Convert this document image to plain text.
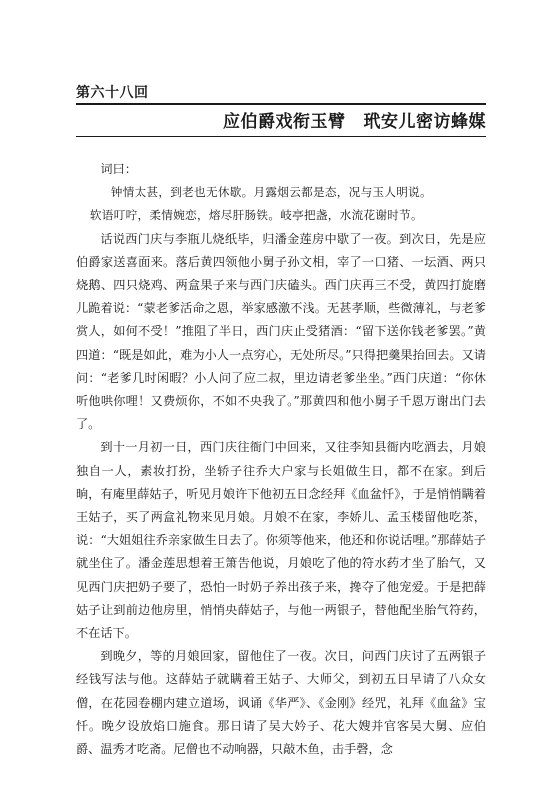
第六十八回
应伯爵戏衔玉臂 玳安儿密访蜂媒

词曰：

钟情太甚，到老也无休歇。月露烟云都是态，况与玉人明说。
软语叮咛，柔情婉恋，熔尽肝肠铁。岐亭把盏，水流花谢时节。

话说西门庆与李瓶儿烧纸毕，归潘金莲房中歇了一夜。到次日，先是应伯爵家送喜面来。落后黄四领他小舅子孙文相，宰了一口猪、一坛酒、两只烧鹅、四只烧鸡、两盒果子来与西门庆磕头。西门庆再三不受，黄四打旋磨儿跪着说：“蒙老爹活命之恩，举家感激不浅。无甚孝顺，些微薄礼，与老爹赏人，如何不受！”推阻了半日，西门庆止受猪酒：“留下送你钱老爹罢。”黄四道：“既是如此，难为小人一点穷心，无处所尽。”只得把羹果抬回去。又请问：“老爹几时闲暇？小人问了应二叔，里边请老爹坐坐。”西门庆道：“你休听他哄你哩！又费烦你，不如不央我了。”那黄四和他小舅子千恩万谢出门去了。

到十一月初一日，西门庆往衙门中回来，又往李知县衙内吃酒去，月娘独自一人，素妆打扮，坐轿子往乔大户家与长姐做生日，都不在家。到后晌，有庵里薛姑子，听见月娘许下他初五日念经拜《血盆忏》，于是悄悄瞒着王姑子，买了两盒礼物来见月娘。月娘不在家，李娇儿、孟玉楼留他吃茶，说：“大姐姐往乔亲家做生日去了。你须等他来，他还和你说话哩。”那薛姑子就坐住了。潘金莲思想着王箫告他说，月娘吃了他的符水药才坐了胎气，又见西门庆把奶子要了，恐怕一时奶子养出孩子来，搀夺了他宠爱。于是把薛姑子让到前边他房里，悄悄央薛姑子，与他一两银子，替他配坐胎气符药，不在话下。

到晚夕，等的月娘回家，留他住了一夜。次日，问西门庆讨了五两银子经钱写法与他。这薛姑子就瞒着王姑子、大师父，到初五日早请了八众女僧，在花园卷棚内建立道场，讽诵《华严》、《金刚》经咒，礼拜《血盆》宝忏。晚夕设放焰口施食。那日请了吴大妗子、花大嫂并官客吴大舅、应伯爵、温秀才吃斋。尼僧也不动响器，只敲木鱼，击手磬，念
